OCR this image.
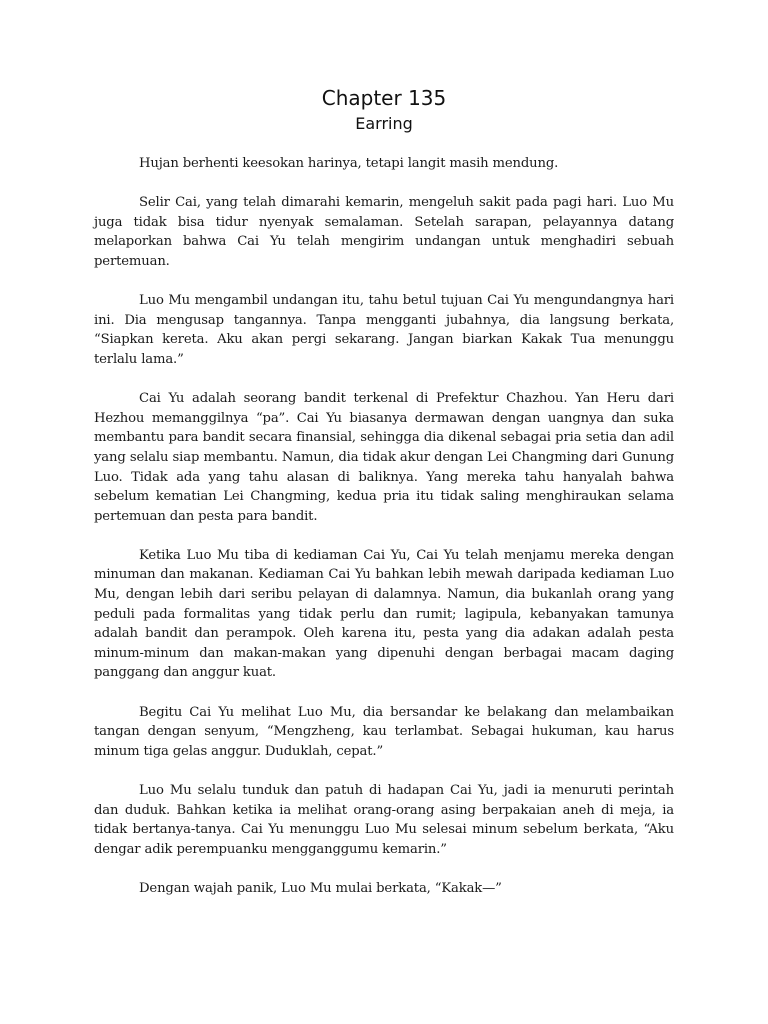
Chapter 135
Earring

Hujan berhenti keesokan harinya, tetapi langit masih mendung.

Selir Cai, yang telah dimarahi kemarin, mengeluh sakit pada pagi hari. Luo Mu juga tidak bisa tidur nyenyak semalaman. Setelah sarapan, pelayannya datang melaporkan bahwa Cai Yu telah mengirim undangan untuk menghadiri sebuah pertemuan.

Luo Mu mengambil undangan itu, tahu betul tujuan Cai Yu mengundangnya hari ini. Dia mengusap tangannya. Tanpa mengganti jubahnya, dia langsung berkata, “Siapkan kereta. Aku akan pergi sekarang. Jangan biarkan Kakak Tua menunggu terlalu lama.”

Cai Yu adalah seorang bandit terkenal di Prefektur Chazhou. Yan Heru dari Hezhou memanggilnya “pa”. Cai Yu biasanya dermawan dengan uangnya dan suka membantu para bandit secara finansial, sehingga dia dikenal sebagai pria setia dan adil yang selalu siap membantu. Namun, dia tidak akur dengan Lei Changming dari Gunung Luo. Tidak ada yang tahu alasan di baliknya. Yang mereka tahu hanyalah bahwa sebelum kematian Lei Changming, kedua pria itu tidak saling menghiraukan selama pertemuan dan pesta para bandit.

Ketika Luo Mu tiba di kediaman Cai Yu, Cai Yu telah menjamu mereka dengan minuman dan makanan. Kediaman Cai Yu bahkan lebih mewah daripada kediaman Luo Mu, dengan lebih dari seribu pelayan di dalamnya. Namun, dia bukanlah orang yang peduli pada formalitas yang tidak perlu dan rumit; lagipula, kebanyakan tamunya adalah bandit dan perampok. Oleh karena itu, pesta yang dia adakan adalah pesta minum-minum dan makan-makan yang dipenuhi dengan berbagai macam daging panggang dan anggur kuat.

Begitu Cai Yu melihat Luo Mu, dia bersandar ke belakang dan melambaikan tangan dengan senyum, “Mengzheng, kau terlambat. Sebagai hukuman, kau harus minum tiga gelas anggur. Duduklah, cepat.”

Luo Mu selalu tunduk dan patuh di hadapan Cai Yu, jadi ia menuruti perintah dan duduk. Bahkan ketika ia melihat orang-orang asing berpakaian aneh di meja, ia tidak bertanya-tanya. Cai Yu menunggu Luo Mu selesai minum sebelum berkata, “Aku dengar adik perempuanku mengganggumu kemarin.”

Dengan wajah panik, Luo Mu mulai berkata, “Kakak—”
